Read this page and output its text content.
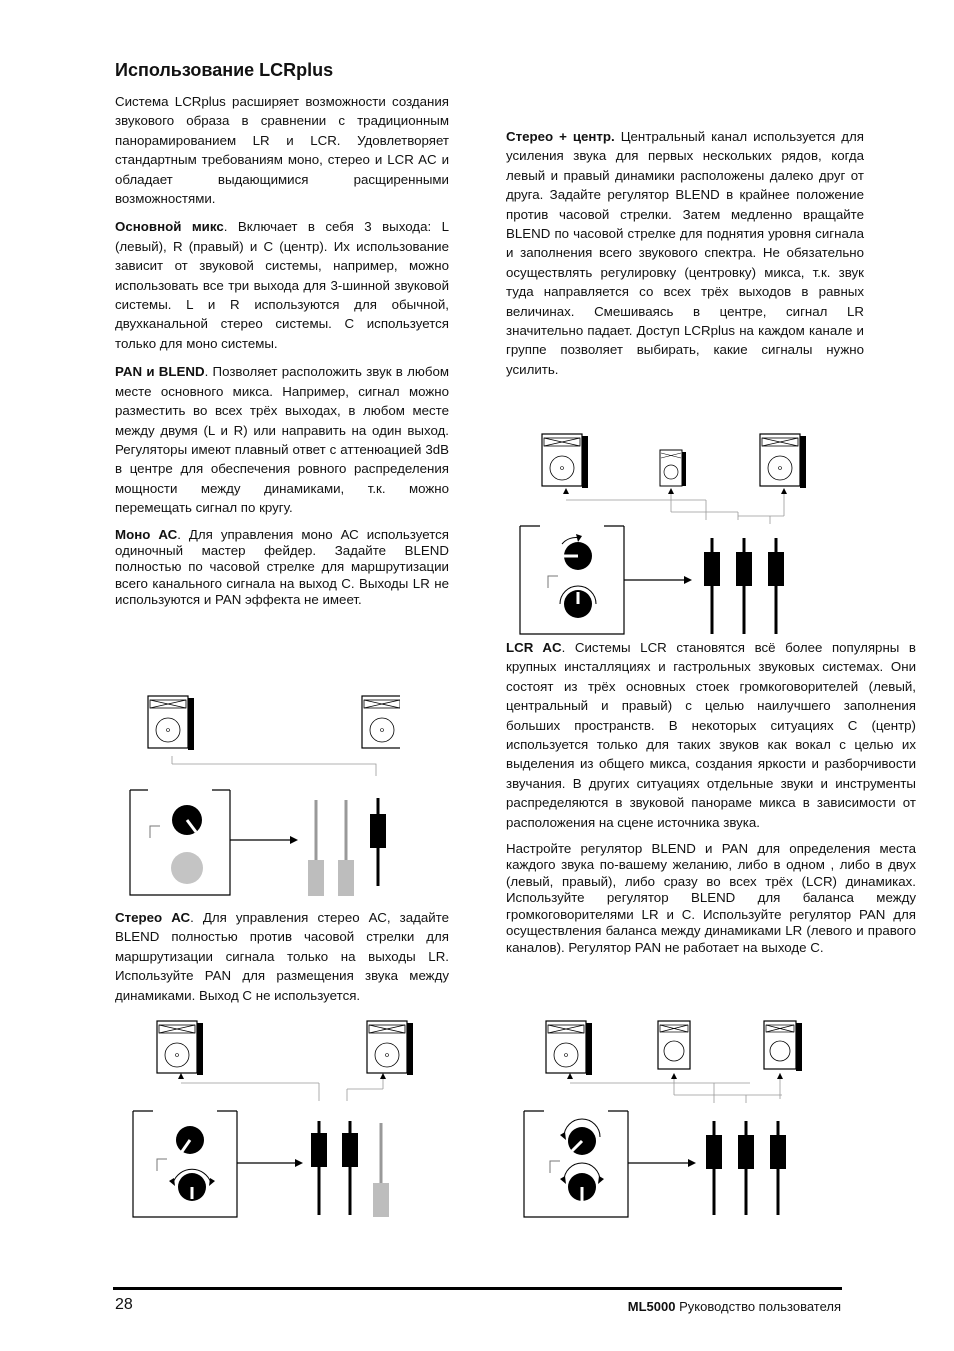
Использование LCRplus

Система LCRplus расширяет возможности создания звукового образа в сравнении с традиционным панорамированием LR и LCR. Удовлетворяет стандартным требованиям моно, стерео и LCR AC и обладает выдающимися расщиренными возможностями.

Основной микс. Включает в себя 3 выхода: L (левый), R (правый) и C (центр). Их использование зависит от звуковой системы, например, можно использовать все три выхода для 3-шинной звуковой системы. L и R используются для обычной, двухканальной стерео системы. С используется только для моно системы.

PAN и BLEND. Позволяет расположить звук в любом месте основного микса. Например, сигнал можно разместить во всех трёх выходах, в любом месте между двумя (L и R) или направить на один выход. Регуляторы имеют плавный ответ с аттенюацией 3dB в центре для обеспечения ровного распределения мощности между динамиками, т.к. можно перемещать сигнал по кругу.

Моно АС. Для управления моно АС используется одиночный мастер фейдер. Задайте BLEND полностью по часовой стрелке для маршрутизации всего канального сигнала на выход С. Выходы LR не используются и PAN эффекта не имеет.

Стерео АС. Для управления стерео АС, задайте BLEND полностью против часовой стрелки для маршрутизации сигнала только на выходы LR. Используйте PAN для размещения звука между динамиками. Выход С не используется.

Стерео + центр. Центральный канал используется для усиления звука для первых нескольких рядов, когда левый и правый динамики расположены далеко друг от друга. Задайте регулятор BLEND в крайнее положение против часовой стрелки. Затем медленно вращайте BLEND по часовой стрелке для поднятия уровня сигнала и заполнения всего звукового спектра. Не обязательно осуществлять регулировку (центровку) микса, т.к. звук туда направляется со всех трёх выходов в равных величинах. Смешиваясь в центре, сигнал LR значительно падает. Доступ LCRplus на каждом канале и группе позволяет выбирать, какие сигналы нужно усилить.

LCR AC. Системы LCR становятся всё более популярны в крупных инсталляциях и гастрольных звуковых системах. Они состоят из трёх основных стоек громкоговорителей (левый, центральный и правый) с целью наилучшего заполнения больших пространств. В некоторых ситуациях С (центр) используется только для таких звуков как вокал с целью их выделения из общего микса, создания яркости и разборчивости звучания. В других ситуациях отдельные звуки и инструменты распределяются в звуковой панораме микса в зависимости от расположения на сцене источника звука.

Настройте регулятор BLEND и PAN для определения места каждого звука по-вашему желанию, либо в одном , либо в двух (левый, правый), либо сразу во всех трёх (LCR) динамиках. Используйте регулятор BLEND для баланса между громкоговорителями LR и С. Используйте регулятор PAN для осуществления баланса между динамиками LR (левого и правого каналов). Регулятор PAN не работает на выходе С.

28	ML5000 Руководство пользователя
